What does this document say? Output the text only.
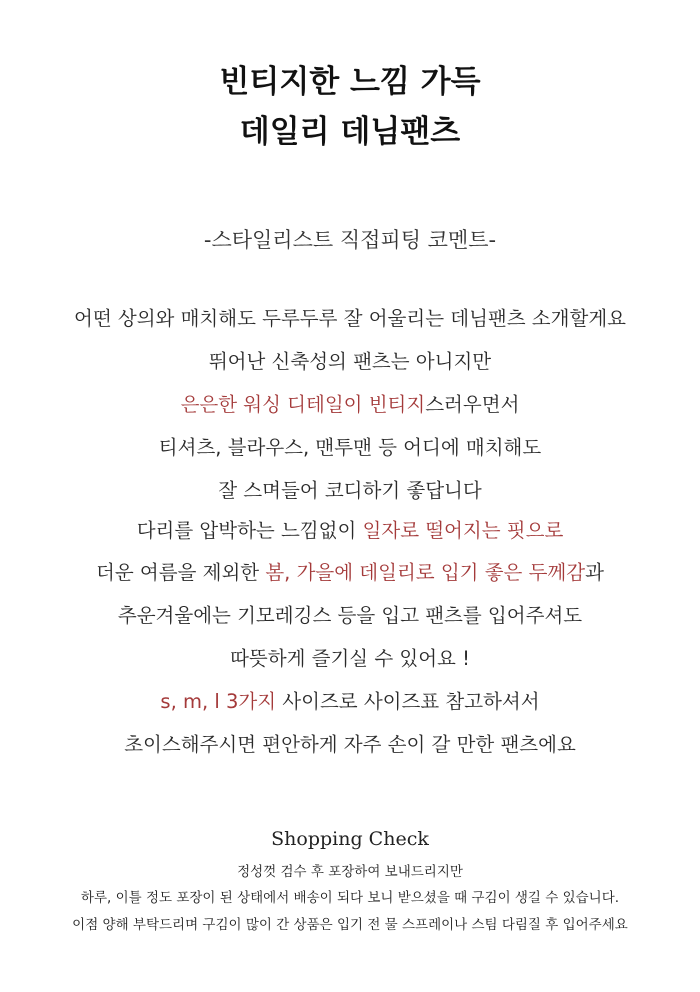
빈티지한 느낌 가득
데일리 데님팬츠
-스타일리스트 직접피팅 코멘트-
어떤 상의와 매치해도 두루두루 잘 어울리는 데님팬츠 소개할게요
뛰어난 신축성의 팬츠는 아니지만
은은한 워싱 디테일이 빈티지스러우면서
티셔츠, 블라우스, 맨투맨 등 어디에 매치해도
잘 스며들어 코디하기 좋답니다
다리를 압박하는 느낌없이 일자로 떨어지는 핏으로
더운 여름을 제외한 봄, 가을에 데일리로 입기 좋은 두께감과
추운겨울에는 기모레깅스 등을 입고 팬츠를 입어주셔도
따뜻하게 즐기실 수 있어요 !
s, m, l 3가지 사이즈로 사이즈표 참고하셔서
초이스해주시면 편안하게 자주 손이 갈 만한 팬츠에요
Shopping Check
정성껏 검수 후 포장하여 보내드리지만
하루, 이틀 정도 포장이 된 상태에서 배송이 되다 보니 받으셨을 때 구김이 생길 수 있습니다.
이점 양해 부탁드리며 구김이 많이 간 상품은 입기 전 물 스프레이나 스팀 다림질 후 입어주세요
